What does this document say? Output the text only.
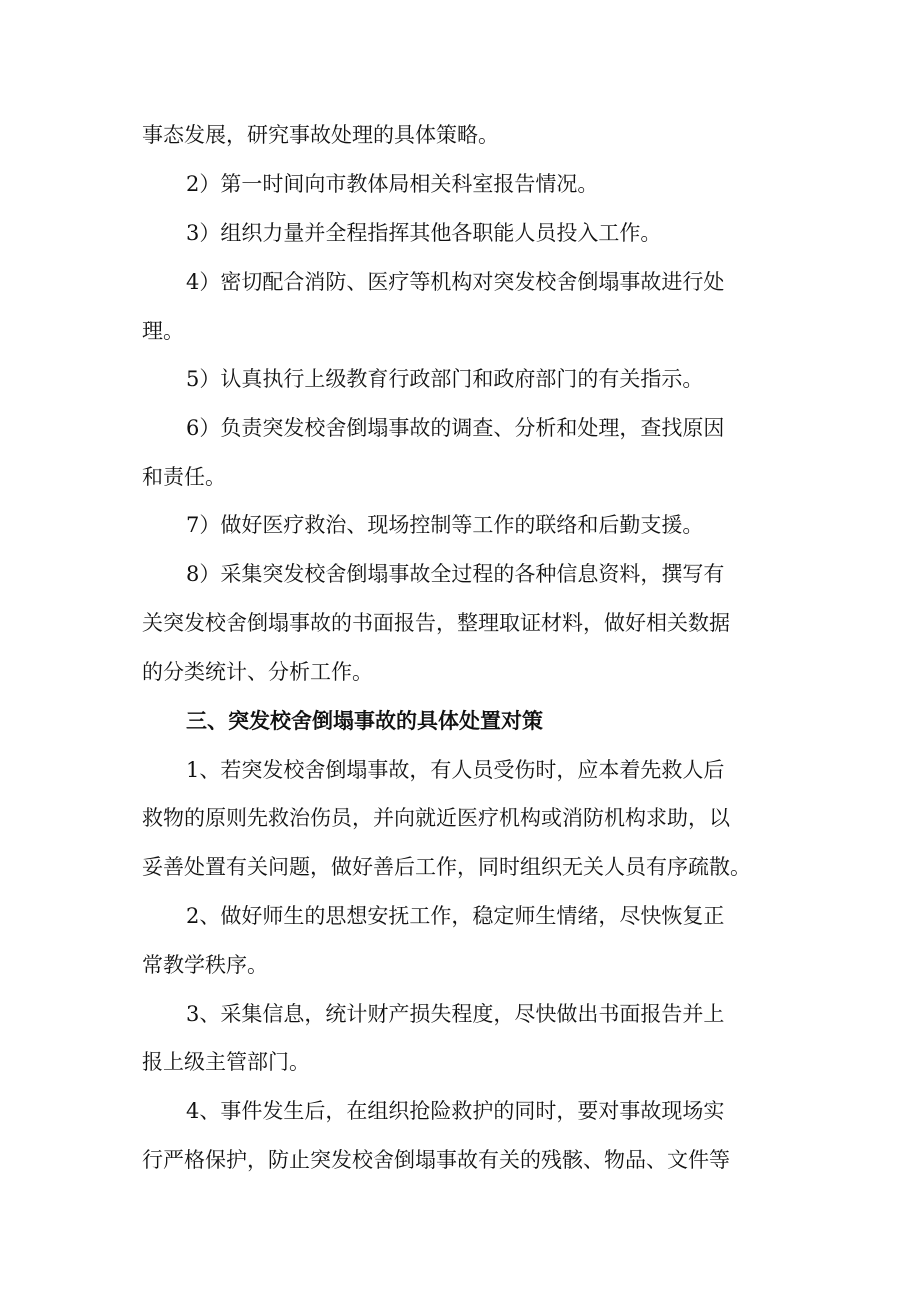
事态发展，研究事故处理的具体策略。
2）第一时间向市教体局相关科室报告情况。
3）组织力量并全程指挥其他各职能人员投入工作。
4）密切配合消防、医疗等机构对突发校舍倒塌事故进行处
理。
5）认真执行上级教育行政部门和政府部门的有关指示。
6）负责突发校舍倒塌事故的调查、分析和处理，查找原因
和责任。
7）做好医疗救治、现场控制等工作的联络和后勤支援。
8）采集突发校舍倒塌事故全过程的各种信息资料，撰写有
关突发校舍倒塌事故的书面报告，整理取证材料，做好相关数据
的分类统计、分析工作。
三、突发校舍倒塌事故的具体处置对策
1、若突发校舍倒塌事故，有人员受伤时，应本着先救人后
救物的原则先救治伤员，并向就近医疗机构或消防机构求助，以
妥善处置有关问题，做好善后工作，同时组织无关人员有序疏散。
2、做好师生的思想安抚工作，稳定师生情绪，尽快恢复正
常教学秩序。
3、采集信息，统计财产损失程度，尽快做出书面报告并上
报上级主管部门。
4、事件发生后，在组织抢险救护的同时，要对事故现场实
行严格保护，防止突发校舍倒塌事故有关的残骸、物品、文件等
